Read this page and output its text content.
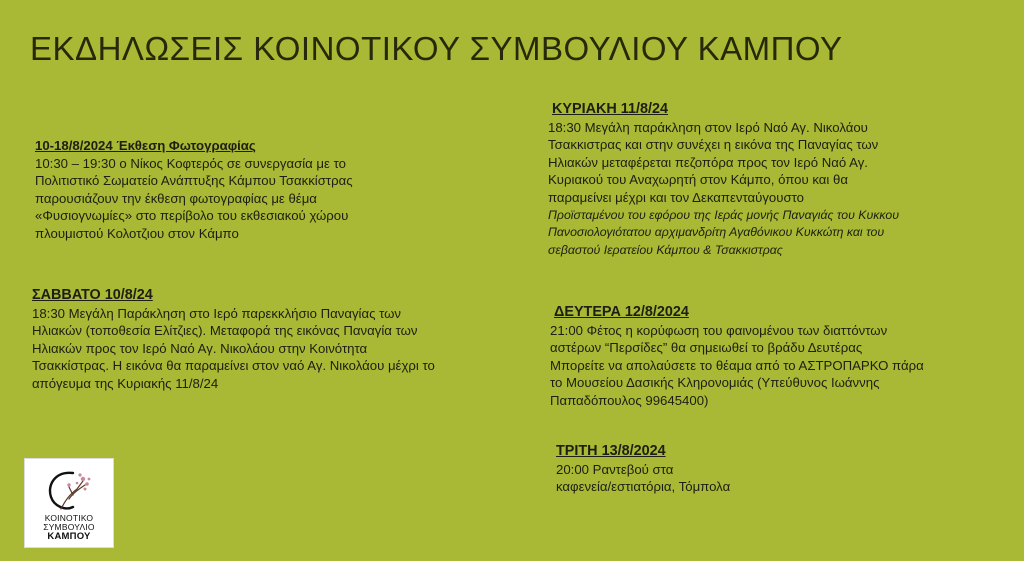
ΕΚΔΗΛΩΣΕΙΣ ΚΟΙΝΟΤΙΚΟΥ ΣΥΜΒΟΥΛΙΟΥ ΚΑΜΠΟΥ
10-18/8/2024 Έκθεση Φωτογραφίας
10:30 – 19:30 ο Νίκος Κοφτερός σε συνεργασία με το
Πολιτιστικό Σωματείο Ανάπτυξης Κάμπου Τσακκίστρας
παρουσιάζουν την έκθεση φωτογραφίας με θέμα
«Φυσιογνωμίες» στο περίβολο του εκθεσιακού χώρου
πλουμιστού Κολοτζιου στον Κάμπο
ΣΑΒΒΑΤΟ 10/8/24
18:30 Μεγάλη Παράκληση στο Ιερό παρεκκλήσιο Παναγίας των
Ηλιακών (τοποθεσία Ελίτζιες). Μεταφορά της εικόνας Παναγία των
Ηλιακών προς τον Ιερό Ναό Αγ. Νικολάου στην Κοινότητα
Τσακκίστρας. Η εικόνα θα παραμείνει στον ναό Αγ. Νικολάου μέχρι το
απόγευμα της Κυριακής 11/8/24
ΚΥΡΙΑΚΗ 11/8/24
18:30 Μεγάλη παράκληση στον Ιερό Ναό Αγ. Νικολάου
Τσακκιστρας και στην συνέχει η εικόνα της Παναγίας των
Ηλιακών μεταφέρεται πεζοπόρα προς τον Ιερό Ναό Αγ.
Κυριακού του Αναχωρητή στον Κάμπο, όπου και θα
παραμείνει μέχρι και τον Δεκαπενταύγουστο
Προϊσταμένου του εφόρου της Ιεράς μονής Παναγιάς του Κυκκου
Πανοσιολογιότατου αρχιμανδρίτη Αγαθόνικου Κυκκώτη και του
σεβαστού Ιερατείου Κάμπου & Τσακκιστρας
ΔΕΥΤΕΡΑ 12/8/2024
21:00 Φέτος η κορύφωση του φαινομένου των διαττόντων
αστέρων “Περσίδες” θα σημειωθεί το βράδυ Δευτέρας
Μπορείτε να απολαύσετε το θέαμα από το ΑΣΤΡΟΠΑΡΚΟ πάρα
το Μουσείου Δασικής Κληρονομιάς (Υπεύθυνος Ιωάννης
Παπαδόπουλος 99645400)
ΤΡΙΤΗ 13/8/2024
20:00 Ραντεβού στα
καφενεία/εστιατόρια, Τόμπολα
ΚΟΙΝΟΤΙΚΟ
ΣΥΜΒΟΥΛΙΟ
ΚΑΜΠΟΥ
